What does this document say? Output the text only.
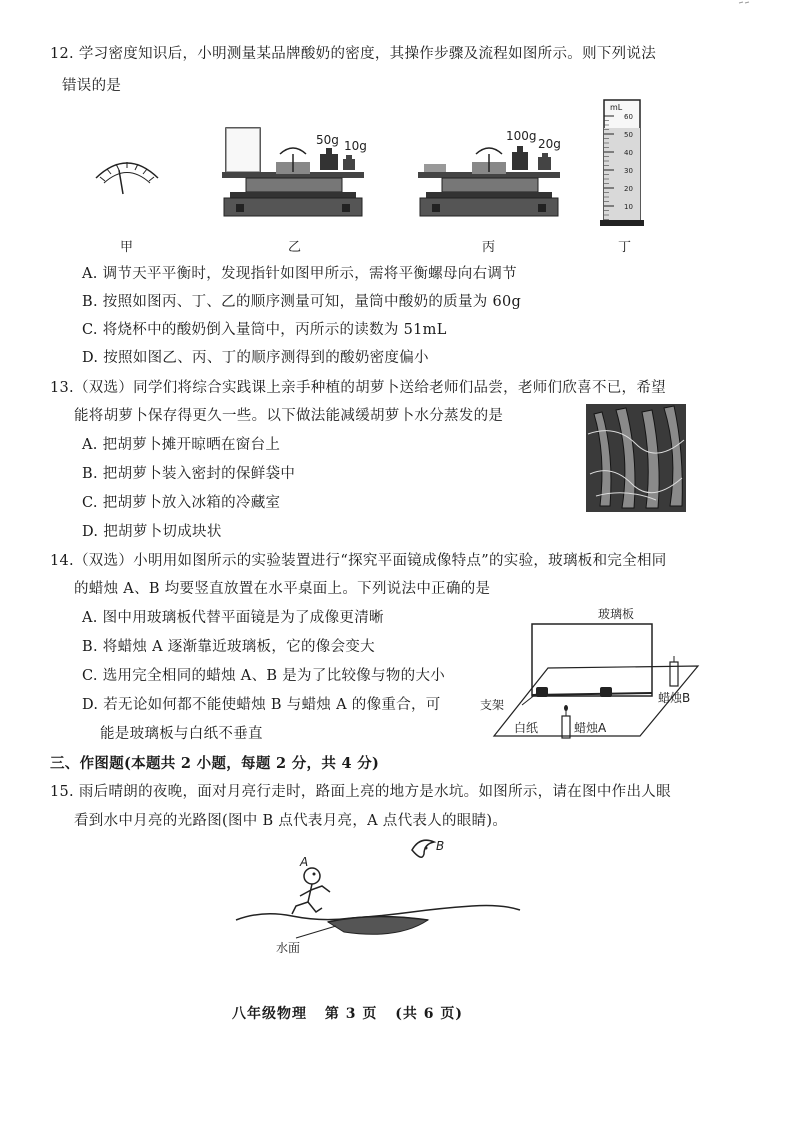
12. 学习密度知识后，小明测量某品牌酸奶的密度，其操作步骤及流程如图所示。则下列说法
错误的是
50g 10g
100g
20g
mL
60
50
40
30
20
10
甲	乙	丙	丁
A. 调节天平平衡时，发现指针如图甲所示，需将平衡螺母向右调节
B. 按照如图丙、丁、乙的顺序测量可知，量筒中酸奶的质量为 60g
C. 将烧杯中的酸奶倒入量筒中，丙所示的读数为 51mL
D. 按照如图乙、丙、丁的顺序测得到的酸奶密度偏小
13.（双选）同学们将综合实践课上亲手种植的胡萝卜送给老师们品尝，老师们欣喜不已，希望
能将胡萝卜保存得更久一些。以下做法能减缓胡萝卜水分蒸发的是
A. 把胡萝卜摊开晾晒在窗台上
B. 把胡萝卜装入密封的保鲜袋中
C. 把胡萝卜放入冰箱的冷藏室
D. 把胡萝卜切成块状
14.（双选）小明用如图所示的实验装置进行“探究平面镜成像特点”的实验，玻璃板和完全相同
的蜡烛 A、B 均要竖直放置在水平桌面上。下列说法中正确的是
A. 图中用玻璃板代替平面镜是为了成像更清晰
B. 将蜡烛 A 逐渐靠近玻璃板，它的像会变大
C. 选用完全相同的蜡烛 A、B 是为了比较像与物的大小
D. 若无论如何都不能使蜡烛 B 与蜡烛 A 的像重合，可
能是玻璃板与白纸不垂直
玻璃板
蜡烛B
支架
白纸	蜡烛A
三、作图题(本题共 2 小题，每题 2 分，共 4 分)
15. 雨后晴朗的夜晚，面对月亮行走时，路面上亮的地方是水坑。如图所示，请在图中作出人眼
看到水中月亮的光路图(图中 B 点代表月亮，A 点代表人的眼睛)。
A
B
水面
八年级物理 第 3 页 (共 6 页)
